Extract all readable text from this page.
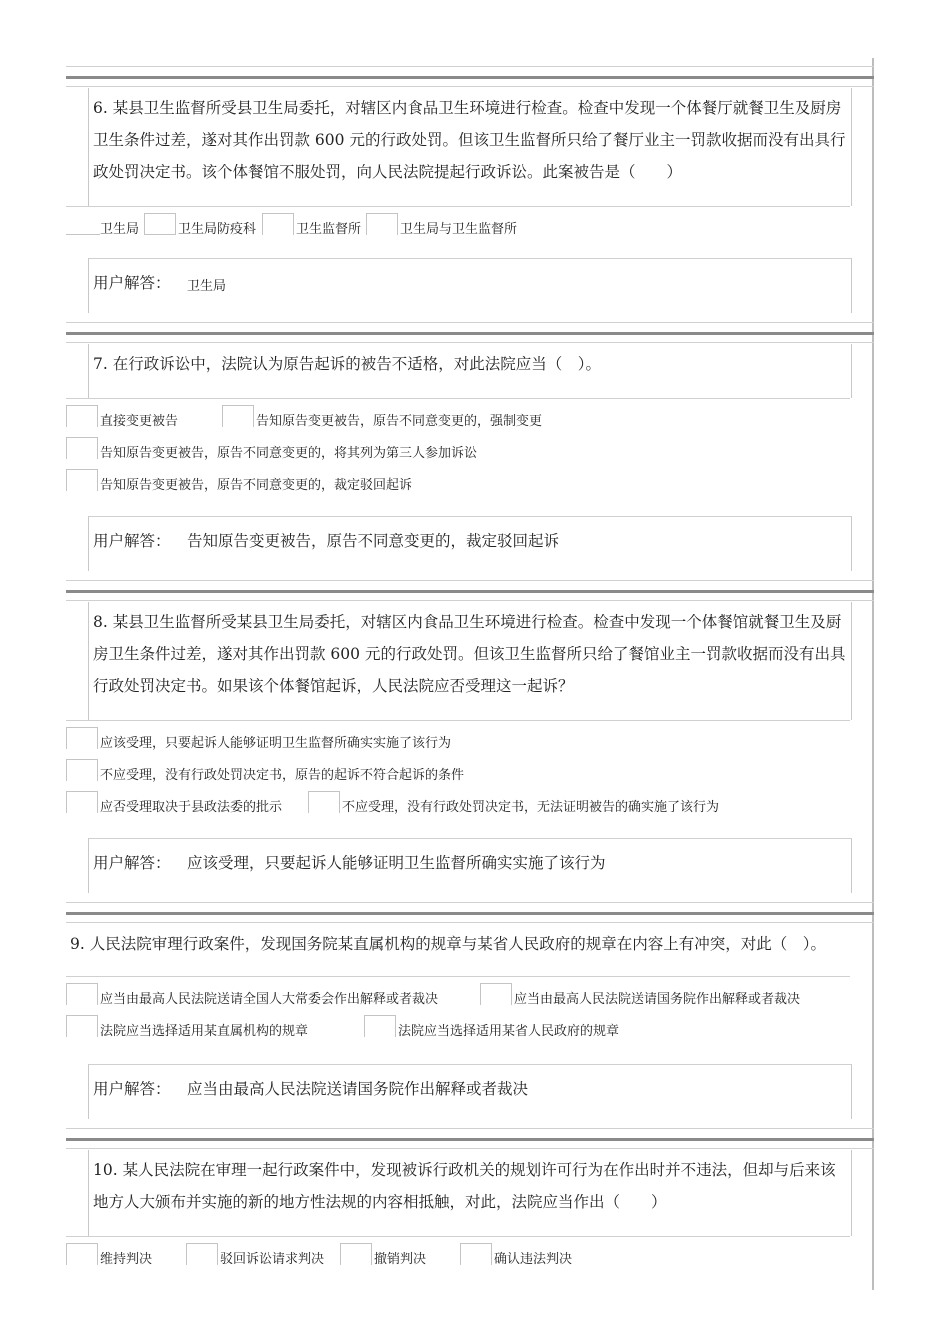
6. 某县卫生监督所受县卫生局委托，对辖区内食品卫生环境进行检查。检查中发现一个体餐厅就餐卫生及厨房卫生条件过差，遂对其作出罚款 600 元的行政处罚。但该卫生监督所只给了餐厅业主一罚款收据而没有出具行政处罚决定书。该个体餐馆不服处罚，向人民法院提起行政诉讼。此案被告是（　　）
卫生局	卫生局防疫科	卫生监督所	卫生局与卫生监督所
用户解答： 卫生局
7. 在行政诉讼中，法院认为原告起诉的被告不适格，对此法院应当（　）。
直接变更被告	告知原告变更被告，原告不同意变更的，强制变更
告知原告变更被告，原告不同意变更的，将其列为第三人参加诉讼
告知原告变更被告，原告不同意变更的，裁定驳回起诉
用户解答： 告知原告变更被告，原告不同意变更的，裁定驳回起诉
8. 某县卫生监督所受某县卫生局委托，对辖区内食品卫生环境进行检查。检查中发现一个体餐馆就餐卫生及厨房卫生条件过差，遂对其作出罚款 600 元的行政处罚。但该卫生监督所只给了餐馆业主一罚款收据而没有出具行政处罚决定书。如果该个体餐馆起诉，人民法院应否受理这一起诉？
应该受理，只要起诉人能够证明卫生监督所确实实施了该行为
不应受理，没有行政处罚决定书，原告的起诉不符合起诉的条件
应否受理取决于县政法委的批示	不应受理，没有行政处罚决定书，无法证明被告的确实施了该行为
用户解答： 应该受理，只要起诉人能够证明卫生监督所确实实施了该行为
9. 人民法院审理行政案件，发现国务院某直属机构的规章与某省人民政府的规章在内容上有冲突，对此（　）。
应当由最高人民法院送请全国人大常委会作出解释或者裁决	应当由最高人民法院送请国务院作出解释或者裁决
法院应当选择适用某直属机构的规章	法院应当选择适用某省人民政府的规章
用户解答： 应当由最高人民法院送请国务院作出解释或者裁决
10. 某人民法院在审理一起行政案件中，发现被诉行政机关的规划许可行为在作出时并不违法，但却与后来该地方人大颁布并实施的新的地方性法规的内容相抵触，对此，法院应当作出（　　）
维持判决	驳回诉讼请求判决	撤销判决	确认违法判决
